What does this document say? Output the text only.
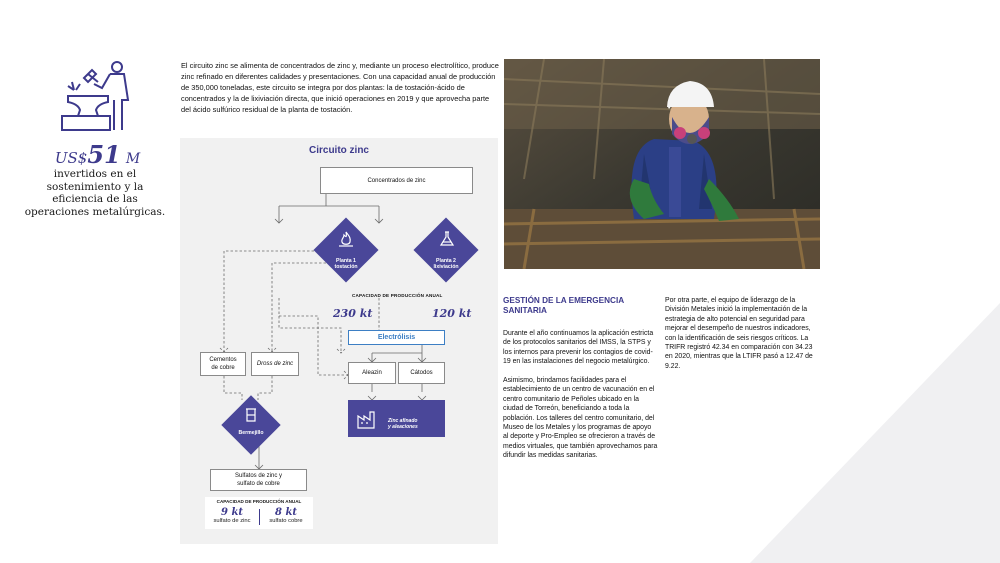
US$51 M
invertidos en el sostenimiento y la eficiencia de las operaciones metalúrgicas.
El circuito zinc se alimenta de concentrados de zinc y, mediante un proceso electrolítico, produce zinc refinado en diferentes calidades y presentaciones. Con una capacidad anual de producción de 350,000 toneladas, este circuito se integra por dos plantas: la de tostación-ácido de concentrados y la de lixiviación directa, que inició operaciones en 2019 y que aprovecha parte del ácido sulfúrico residual de la planta de tostación.
Circuito zinc
Concentrados de zinc
Planta 1
tostación
Planta 2
lixiviación
CAPACIDAD DE PRODUCCIÓN ANUAL
230 kt	120 kt
Electrólisis
Cementos
de cobre
Dross de zinc
Aleazin	Cátodos
Zinc afinado
y aleaciones
Bermejillo
Sulfatos de zinc y
sulfato de cobre
CAPACIDAD DE PRODUCCIÓN ANUAL
9 kt
sulfato de zinc
8 kt
sulfato cobre
GESTIÓN DE LA EMERGENCIA SANITARIA

Durante el año continuamos la aplicación estricta de los protocolos sanitarios del IMSS, la STPS y los internos para prevenir los contagios de covid-19 en las instalaciones del negocio metalúrgico.

Asimismo, brindamos facilidades para el establecimiento de un centro de vacunación en el centro comunitario de Peñoles ubicado en la ciudad de Torreón, beneficiando a toda la población. Los talleres del centro comunitario, del Museo de los Metales y los programas de apoyo al deporte y Pro-Empleo se ofrecieron a través de medios virtuales, que también aprovechamos para difundir las medidas sanitarias.

Por otra parte, el equipo de liderazgo de la División Metales inició la implementación de la estrategia de alto potencial en seguridad para mejorar el desempeño de nuestros indicadores, con la identificación de seis riesgos críticos. La TRIFR registró 42.34 en comparación con 34.23 en 2020, mientras que la LTIFR pasó a 12.47 de 9.22.
